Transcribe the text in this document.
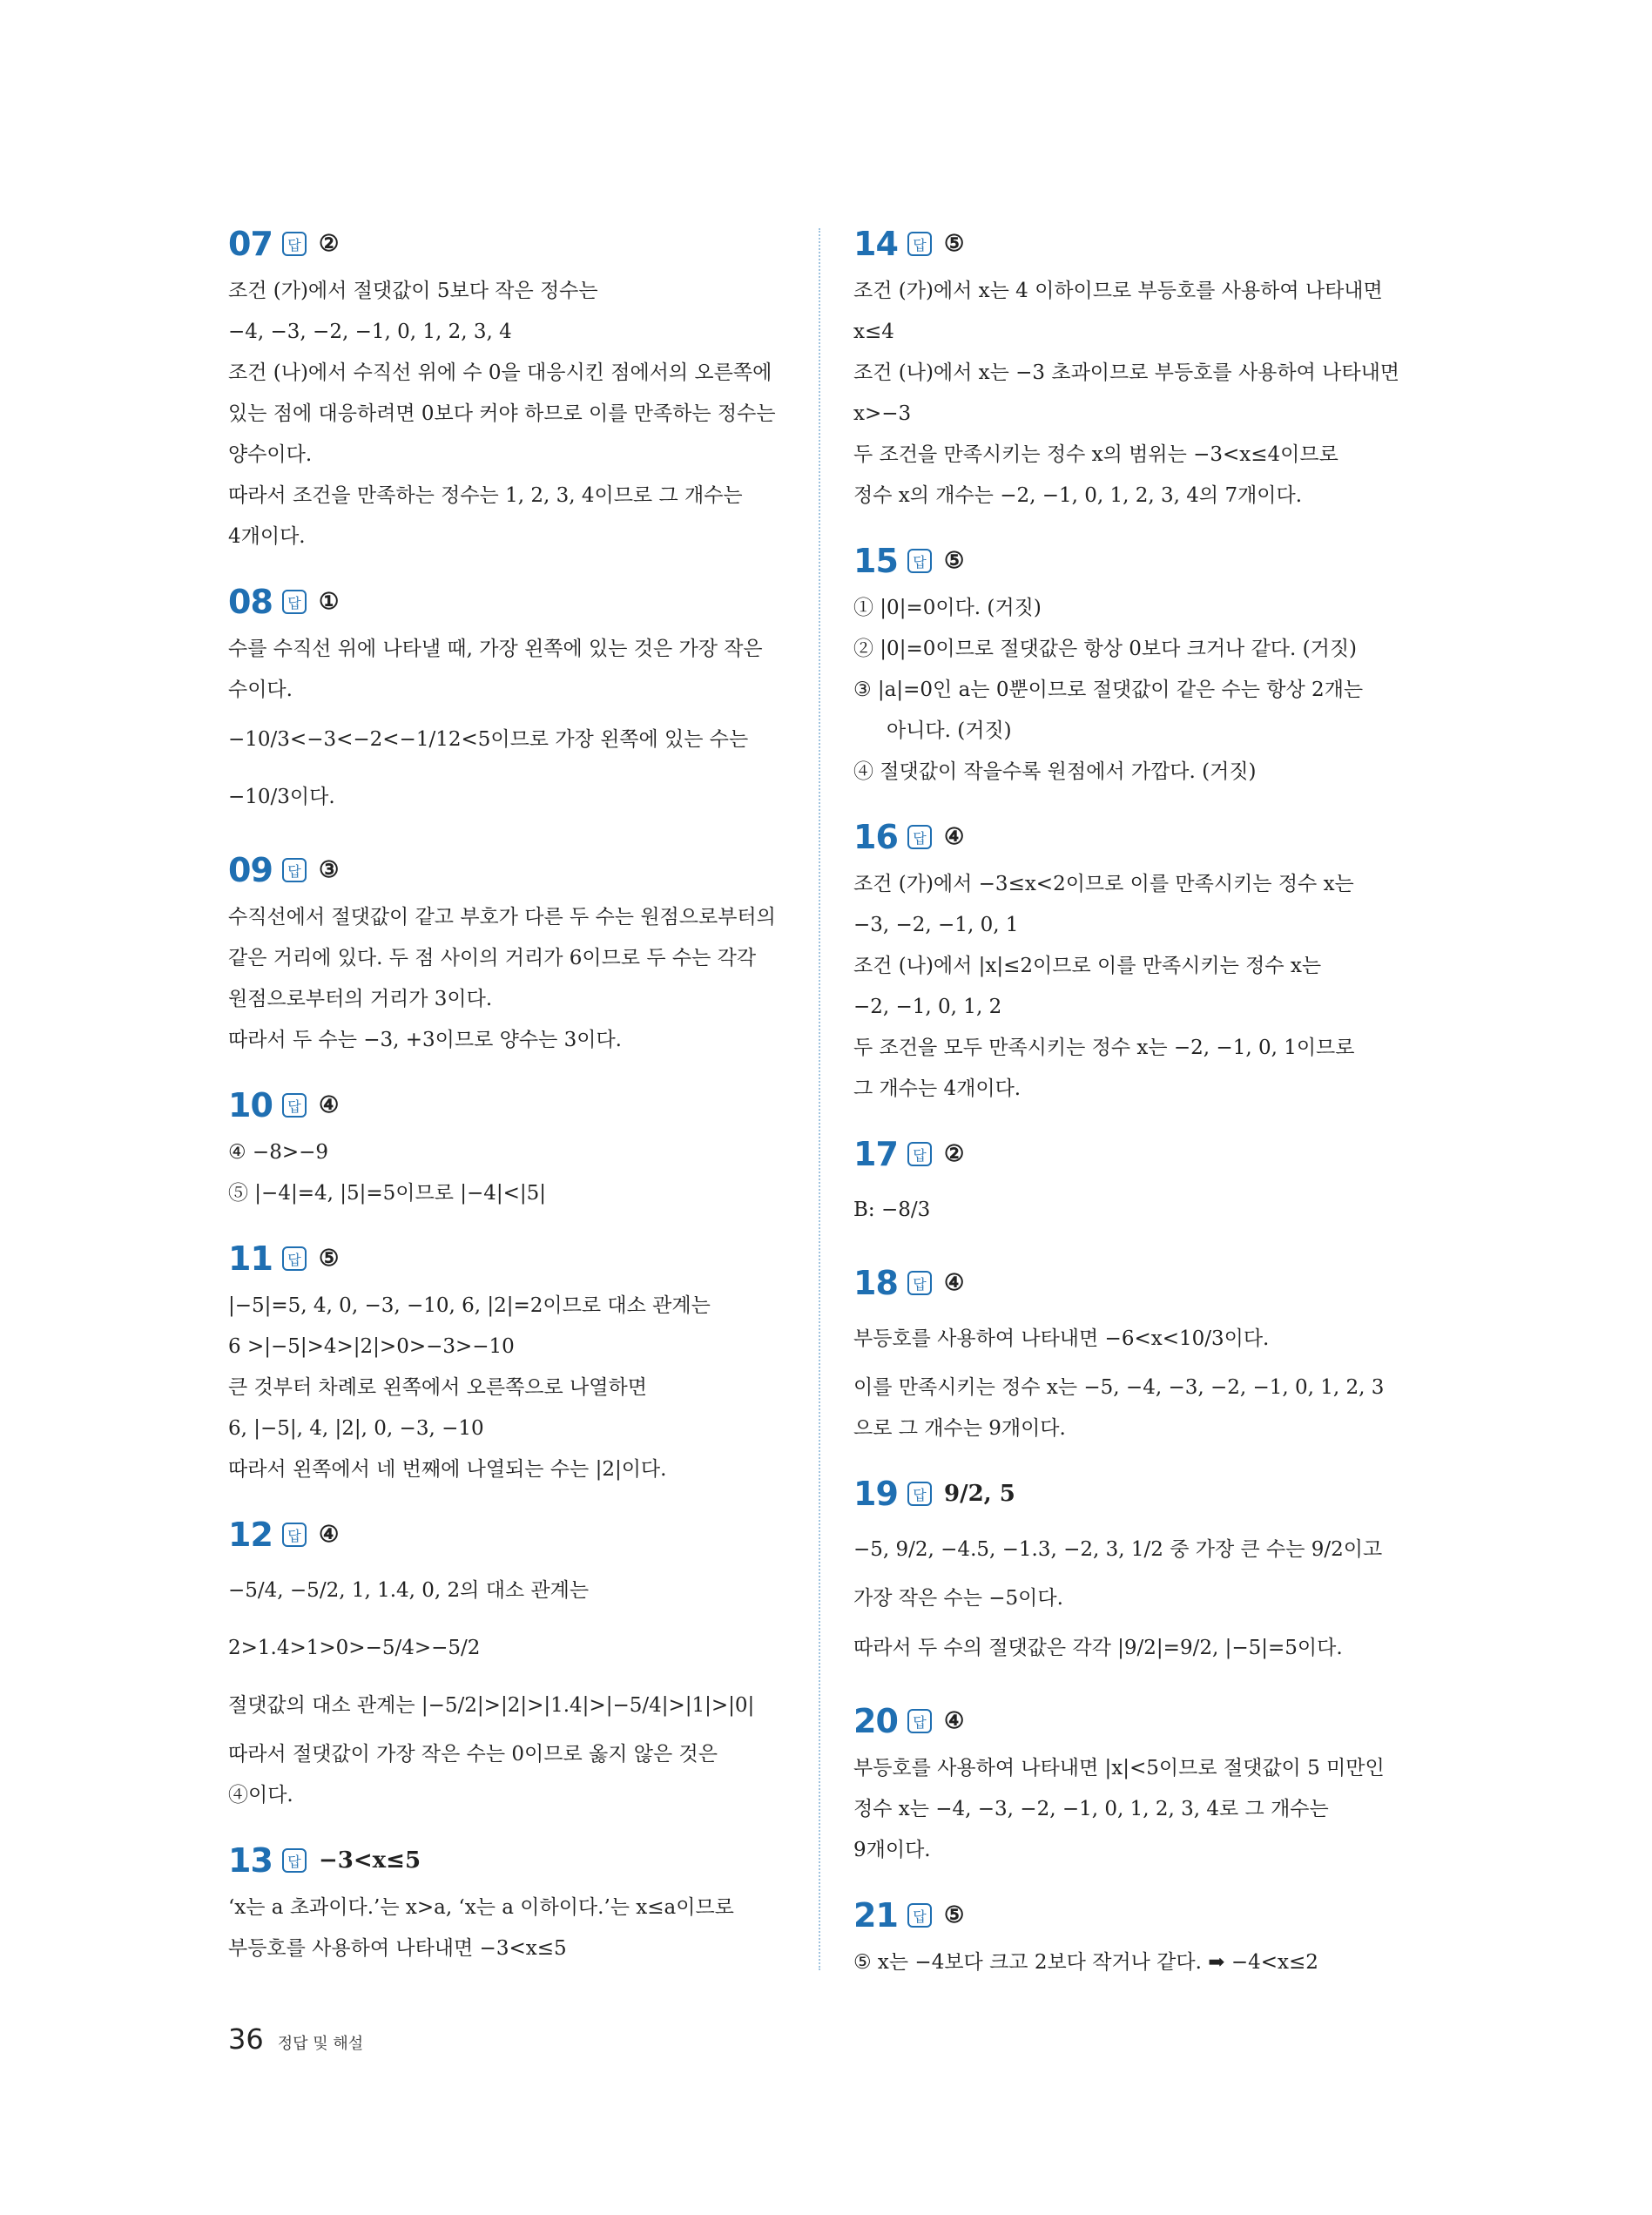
07	답 ②
조건 (가)에서 절댓값이 5보다 작은 정수는
−4, −3, −2, −1, 0, 1, 2, 3, 4
조건 (나)에서 수직선 위에 수 0을 대응시킨 점에서의 오른쪽에
있는 점에 대응하려면 0보다 커야 하므로 이를 만족하는 정수는
양수이다.
따라서 조건을 만족하는 정수는 1, 2, 3, 4이므로 그 개수는
4개이다.
08	답 ①
수를 수직선 위에 나타낼 때, 가장 왼쪽에 있는 것은 가장 작은
수이다.
−10/3<−3<−2<−1/12<5이므로 가장 왼쪽에 있는 수는
−10/3이다.
09	답 ③
수직선에서 절댓값이 같고 부호가 다른 두 수는 원점으로부터의
같은 거리에 있다. 두 점 사이의 거리가 6이므로 두 수는 각각
원점으로부터의 거리가 3이다.
따라서 두 수는 −3, +3이므로 양수는 3이다.
10	답 ④
④ −8>−9
⑤ |−4|=4, |5|=5이므로 |−4|<|5|
11	답 ⑤
|−5|=5, 4, 0, −3, −10, 6, |2|=2이므로 대소 관계는
6 >|−5|>4>|2|>0>−3>−10
큰 것부터 차례로 왼쪽에서 오른쪽으로 나열하면
6, |−5|, 4, |2|, 0, −3, −10
따라서 왼쪽에서 네 번째에 나열되는 수는 |2|이다.
12	답 ④
−5/4, −5/2, 1, 1.4, 0, 2의 대소 관계는
2>1.4>1>0>−5/4>−5/2
절댓값의 대소 관계는 |−5/2|>|2|>|1.4|>|−5/4|>|1|>|0|
따라서 절댓값이 가장 작은 수는 0이므로 옳지 않은 것은
④이다.
13	답 −3<x≤5
‘x는 a 초과이다.’는 x>a, ‘x는 a 이하이다.’는 x≤a이므로
부등호를 사용하여 나타내면 −3<x≤5
14	답 ⑤
조건 (가)에서 x는 4 이하이므로 부등호를 사용하여 나타내면
x≤4
조건 (나)에서 x는 −3 초과이므로 부등호를 사용하여 나타내면
x>−3
두 조건을 만족시키는 정수 x의 범위는 −3<x≤4이므로
정수 x의 개수는 −2, −1, 0, 1, 2, 3, 4의 7개이다.
15	답 ⑤
① |0|=0이다. (거짓)
② |0|=0이므로 절댓값은 항상 0보다 크거나 같다. (거짓)
③ |a|=0인 a는 0뿐이므로 절댓값이 같은 수는 항상 2개는
아니다. (거짓)
④ 절댓값이 작을수록 원점에서 가깝다. (거짓)
16	답 ④
조건 (가)에서 −3≤x<2이므로 이를 만족시키는 정수 x는
−3, −2, −1, 0, 1
조건 (나)에서 |x|≤2이므로 이를 만족시키는 정수 x는
−2, −1, 0, 1, 2
두 조건을 모두 만족시키는 정수 x는 −2, −1, 0, 1이므로
그 개수는 4개이다.
17	답 ②
B: −8/3
18	답 ④
부등호를 사용하여 나타내면 −6<x<10/3이다.
이를 만족시키는 정수 x는 −5, −4, −3, −2, −1, 0, 1, 2, 3
으로 그 개수는 9개이다.
19	답 9/2, 5
−5, 9/2, −4.5, −1.3, −2, 3, 1/2 중 가장 큰 수는 9/2이고
가장 작은 수는 −5이다.
따라서 두 수의 절댓값은 각각 |9/2|=9/2, |−5|=5이다.
20	답 ④
부등호를 사용하여 나타내면 |x|<5이므로 절댓값이 5 미만인
정수 x는 −4, −3, −2, −1, 0, 1, 2, 3, 4로 그 개수는
9개이다.
21	답 ⑤
⑤ x는 −4보다 크고 2보다 작거나 같다. ➡ −4<x≤2
36 정답 및 해설
